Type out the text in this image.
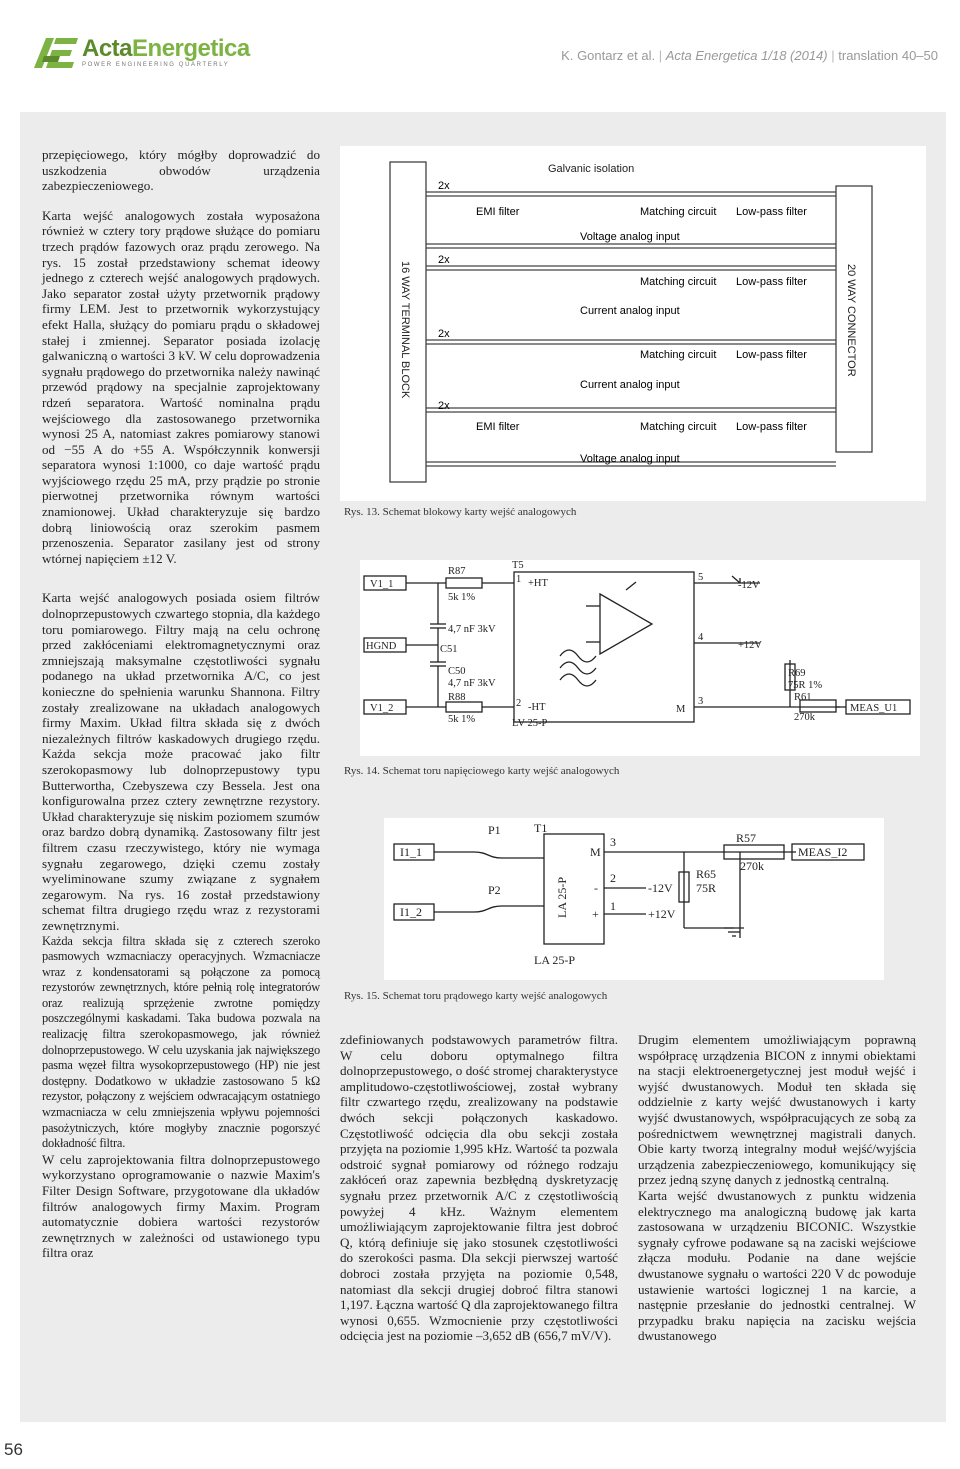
ActaEnergetica
POWER ENGINEERING QUARTERLY
K. Gontarz et al. | Acta Energetica 1/18 (2014) | translation 40–50

przepięciowego, który mógłby doprowadzić do uszkodzenia obwodów urządzenia zabezpieczeniowego.

Karta wejść analogowych została wyposażona również w cztery tory prądowe służące do pomiaru trzech prądów fazowych oraz prądu zerowego. Na rys. 15 został przedstawiony schemat ideowy jednego z czterech wejść analogowych prądowych. Jako separator został użyty przetwornik prądowy firmy LEM. Jest to przetwornik wykorzystujący efekt Halla, służący do pomiaru prądu o składowej stałej i zmiennej. Separator posiada izolację galwaniczną o wartości 3 kV. W celu doprowadzenia sygnału prądowego do przetwornika należy nawinąć przewód prądowy na specjalnie zaprojektowany rdzeń separatora. Wartość nominalna prądu wejściowego dla zastosowanego przetwornika wynosi 25 A, natomiast zakres pomiarowy stanowi od −55 A do +55 A. Współczynnik konwersji separatora wynosi 1:1000, co daje wartość prądu wyjściowego rzędu 25 mA, przy prądzie po stronie pierwotnej przetwornika równym wartości znamionowej. Układ charakteryzuje się bardzo dobrą liniowością oraz szerokim pasmem przenoszenia. Separator zasilany jest od strony wtórnej napięciem ±12 V.

Karta wejść analogowych posiada osiem filtrów dolnoprzepustowych czwartego stopnia, dla każdego toru pomiarowego. Filtry mają na celu ochronę przed zakłóceniami elektromagnetycznymi oraz zmniejszają maksymalne częstotliwości sygnału podanego na układ przetwornika A/C, co jest konieczne do spełnienia warunku Shannona. Filtry zostały zrealizowane na układach analogowych firmy Maxim. Układ filtra składa się z dwóch niezależnych filtrów kaskadowych drugiego rzędu. Każda sekcja może pracować jako filtr szerokopasmowy lub dolnoprzepustowy typu Butterwortha, Czebyszewa czy Bessela. Jest ona konfigurowalna przez cztery zewnętrzne rezystory. Układ charakteryzuje się niskim poziomem szumów oraz bardzo dobrą dynamiką. Zastosowany filtr jest filtrem czasu rzeczywistego, który nie wymaga sygnału zegarowego, dzięki czemu zostały wyeliminowane szumy związane z sygnałem zegarowym. Na rys. 16 został przedstawiony schemat filtra drugiego rzędu wraz z rezystorami zewnętrznymi.

Każda sekcja filtra składa się z czterech szeroko pasmowych wzmacniaczy operacyjnych. Wzmacniacze wraz z kondensatorami są połączone za pomocą rezystorów zewnętrznych, które pełnią rolę integratorów oraz realizują sprzężenie zwrotne pomiędzy poszczególnymi kaskadami. Taka budowa pozwala na realizację filtra szerokopasmowego, jak również dolnoprzepustowego. W celu uzyskania jak największego pasma węzeł filtra wysokoprzepustowego (HP) nie jest dostępny. Dodatkowo w układzie zastosowano 5 kΩ rezystor, połączony z wejściem odwracającym ostatniego wzmacniacza w celu zmniejszenia wpływu pojemności pasożytniczych, które mogłyby znacznie pogorszyć dokładność filtra.

W celu zaprojektowania filtra dolnoprzepustowego wykorzystano oprogramowanie o nazwie Maxim's Filter Design Software, przygotowane dla układów filtrów analogowych firmy Maxim. Program automatycznie dobiera wartości rezystorów zewnętrznych w zależności od ustawionego typu filtra oraz

16 WAY TERMINAL BLOCK	20 WAY CONNECTOR
Galvanic isolation
2x
2x
2x
2x
EMI filter	Matching circuit Low-pass filter
Voltage analog input
Matching circuit Low-pass filter
Current analog input
Matching circuit Low-pass filter
Current analog input
EMI filter	Matching circuit Low-pass filter
Voltage analog input
Rys. 13. Schemat blokowy karty wejść analogowych
V1_1
HGND
V1_2
R87
5k 1%
4,7 nF 3kV
C51
C50
4,7 nF 3kV
R88
5k 1%
T5
1 +HT
2 -HT
LV 25-P
5
4
3
M
-12V
+12V
R69
75R 1%
R61
270k
MEAS_U1
Rys. 14. Schemat toru napięciowego karty wejść analogowych
P1
P2
T1
I1_1
I1_2	LA 25-P
LA 25-P
M
-
+
3
2
1
-12V
+12V
R57
270k
R65
75R
MEAS_I2
Rys. 15. Schemat toru prądowego karty wejść analogowych

zdefiniowanych podstawowych parametrów filtra. W celu doboru optymalnego filtra dolnoprzepustowego, o dość stromej charakterystyce amplitudowo-częstotliwościowej, został wybrany filtr czwartego rzędu, zrealizowany na podstawie dwóch sekcji połączonych kaskadowo. Częstotliwość odcięcia dla obu sekcji została przyjęta na poziomie 1,995 kHz. Wartość ta pozwala odstroić sygnał pomiarowy od różnego rodzaju zakłóceń oraz zapewnia bezbłędną dyskretyzację sygnału przez przetwornik A/C z częstotliwością powyżej 4 kHz. Ważnym elementem umożliwiającym zaprojektowanie filtra jest dobroć Q, którą definiuje się jako stosunek częstotliwości do szerokości pasma. Dla sekcji pierwszej wartość dobroci została przyjęta na poziomie 0,548, natomiast dla sekcji drugiej dobroć filtra stanowi 1,197. Łączna wartość Q dla zaprojektowanego filtra wynosi 0,655. Wzmocnienie przy częstotliwości odcięcia jest na poziomie –3,652 dB (656,7 mV/V).

Drugim elementem umożliwiającym poprawną współpracę urządzenia BICON z innymi obiektami na stacji elektroenergetycznej jest moduł wejść i wyjść dwustanowych. Moduł ten składa się oddzielnie z karty wejść dwustanowych i karty wyjść dwustanowych, współpracujących ze sobą za pośrednictwem wewnętrznej magistrali danych. Obie karty tworzą integralny moduł wejść/wyjścia urządzenia zabezpieczeniowego, komunikujący się przez jedną szynę danych z jednostką centralną.

Karta wejść dwustanowych z punktu widzenia elektrycznego ma analogiczną budowę jak karta zastosowana w urządzeniu BICONIC. Wszystkie sygnały cyfrowe podawane są na zaciski wejściowe złącza modułu. Podanie na dane wejście dwustanowe sygnału o wartości 220 V dc powoduje ustawienie wartości logicznej 1 na karcie, a następnie przesłanie do jednostki centralnej. W przypadku braku napięcia na zacisku wejścia dwustanowego

56
